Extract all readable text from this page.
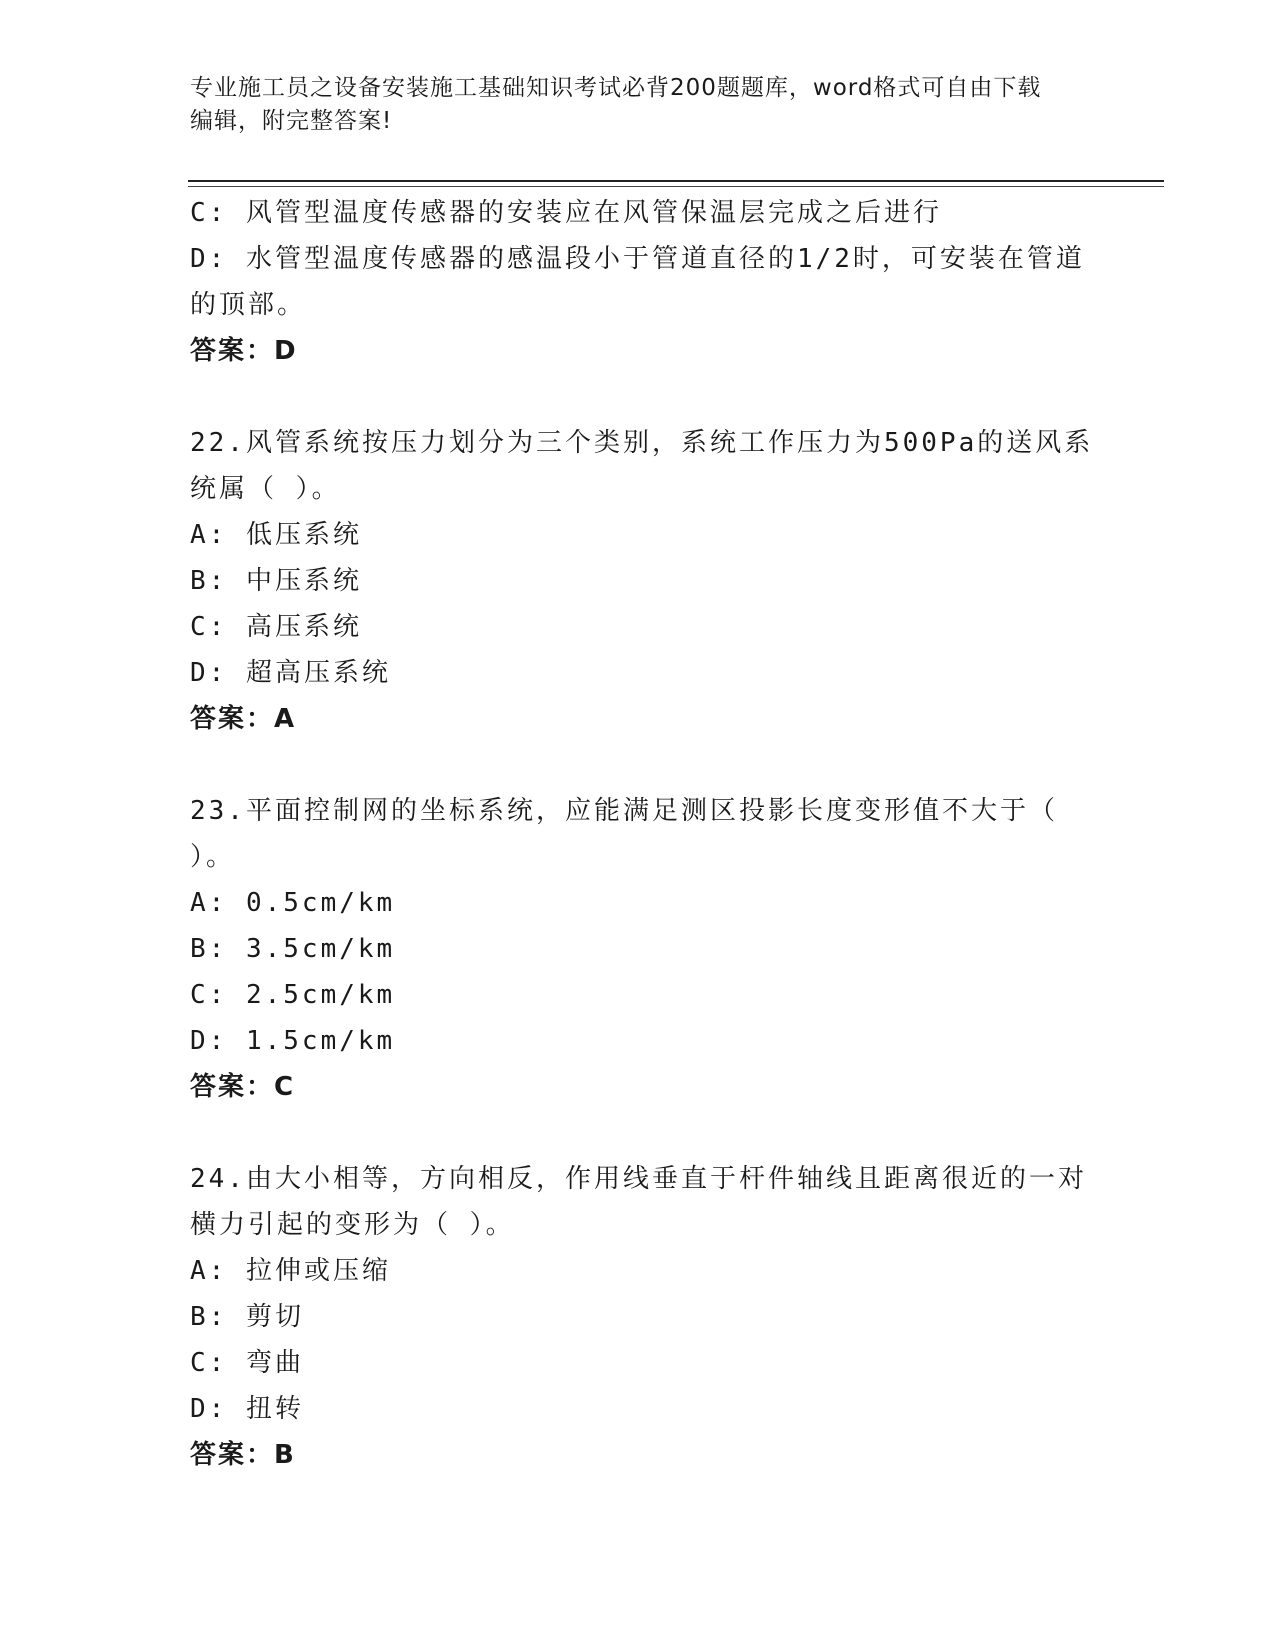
专业施工员之设备安装施工基础知识考试必背200题题库，word格式可自由下载
编辑，附完整答案!
C: 风管型温度传感器的安装应在风管保温层完成之后进行
D: 水管型温度传感器的感温段小于管道直径的1/2时，可安装在管道
的顶部。
答案：D
22.风管系统按压力划分为三个类别，系统工作压力为500Pa的送风系
统属（ ）。
A: 低压系统
B: 中压系统
C: 高压系统
D: 超高压系统
答案：A
23.平面控制网的坐标系统，应能满足测区投影长度变形值不大于（
）。
A: 0.5cm/km
B: 3.5cm/km
C: 2.5cm/km
D: 1.5cm/km
答案：C
24.由大小相等，方向相反，作用线垂直于杆件轴线且距离很近的一对
横力引起的变形为（ ）。
A: 拉伸或压缩
B: 剪切
C: 弯曲
D: 扭转
答案：B
